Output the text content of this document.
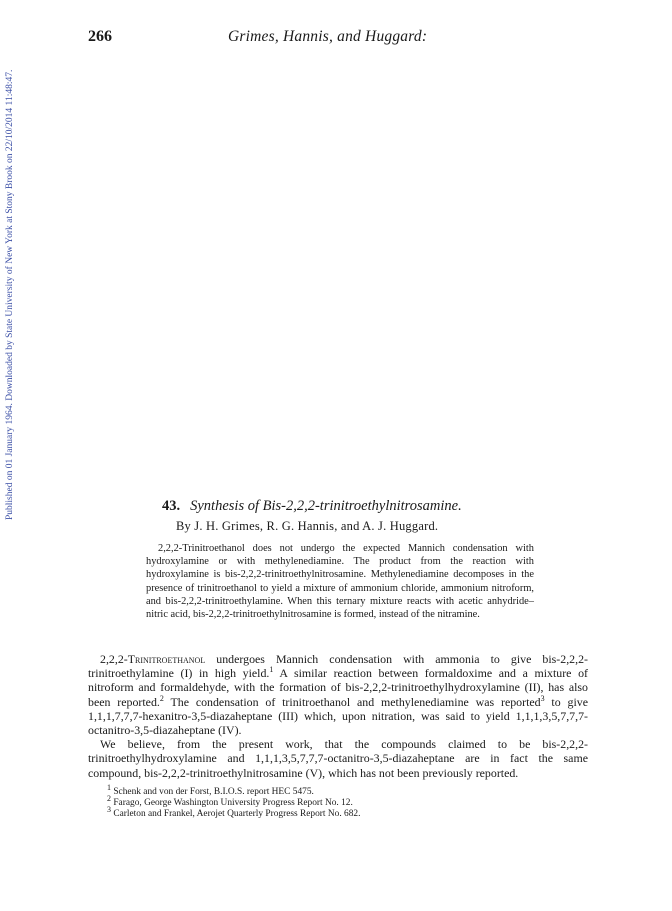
266	Grimes, Hannis, and Huggard:
Published on 01 January 1964. Downloaded by State University of New York at Stony Brook on 22/10/2014 11:48:47.	43. Synthesis of Bis-2,2,2-trinitroethylnitrosamine.
By J. H. Grimes, R. G. Hannis, and A. J. Huggard.
2,2,2-Trinitroethanol does not undergo the expected Mannich condensation with hydroxylamine or with methylenediamine. The product from the reaction with hydroxylamine is bis-2,2,2-trinitroethylnitrosamine. Methylenediamine decomposes in the presence of trinitroethanol to yield a mixture of ammonium chloride, ammonium nitroform, and bis-2,2,2-trinitroethylamine. When this ternary mixture reacts with acetic anhydride–nitric acid, bis-2,2,2-trinitroethylnitrosamine is formed, instead of the nitramine.

2,2,2-Trinitroethanol undergoes Mannich condensation with ammonia to give bis-2,2,2-trinitroethylamine (I) in high yield.$^1$ A similar reaction between formaldoxime and a mixture of nitroform and formaldehyde, with the formation of bis-2,2,2-trinitroethylhydroxylamine (II), has also been reported.$^2$ The condensation of trinitroethanol and methylenediamine was reported$^3$ to give 1,1,1,7,7,7-hexanitro-3,5-diazaheptane (III) which, upon nitration, was said to yield 1,1,1,3,5,7,7,7-octanitro-3,5-diazaheptane (IV).

We believe, from the present work, that the compounds claimed to be bis-2,2,2-trinitroethylhydroxylamine and 1,1,1,3,5,7,7,7-octanitro-3,5-diazaheptane are in fact the same compound, bis-2,2,2-trinitroethylnitrosamine (V), which has not been previously reported.

$^1$ Schenk and von der Forst, B.I.O.S. report HEC 5475.
$^2$ Farago, George Washington University Progress Report No. 12.
$^3$ Carleton and Frankel, Aerojet Quarterly Progress Report No. 682.
